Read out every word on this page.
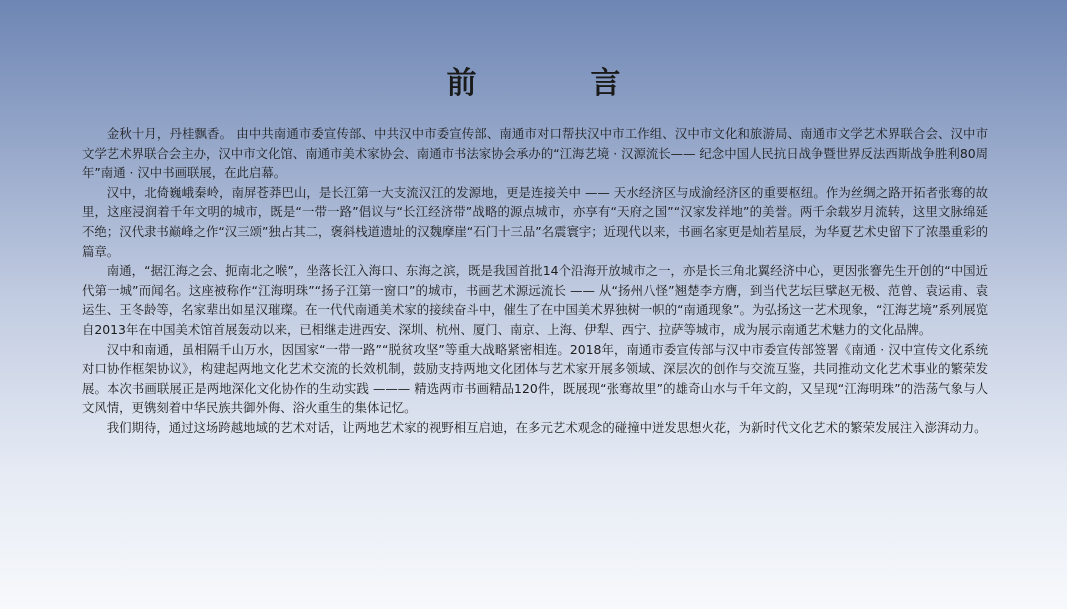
前　言

金秋十月，丹桂飘香。 由中共南通市委宣传部、中共汉中市委宣传部、南通市对口帮扶汉中市工作组、汉中市文化和旅游局、南通市文学艺术界联合会、汉中市文学艺术界联合会主办，汉中市文化馆、南通市美术家协会、南通市书法家协会承办的“江海艺境 · 汉源流长—— 纪念中国人民抗日战争暨世界反法西斯战争胜利80周年”南通 · 汉中书画联展，在此启幕。

汉中，北倚巍峨秦岭，南屏苍莽巴山，是长江第一大支流汉江的发源地，更是连接关中 —— 天水经济区与成渝经济区的重要枢纽。作为丝绸之路开拓者张骞的故里，这座浸润着千年文明的城市，既是“一带一路”倡议与“长江经济带”战略的源点城市，亦享有“天府之国”“汉家发祥地”的美誉。两千余载岁月流转，这里文脉绵延不绝；汉代隶书巅峰之作“汉三颂”独占其二，褒斜栈道遗址的汉魏摩崖“石门十三品”名震寰宇；近现代以来，书画名家更是灿若星辰，为华夏艺术史留下了浓墨重彩的篇章。

南通，“据江海之会、扼南北之喉”，坐落长江入海口、东海之滨，既是我国首批14个沿海开放城市之一，亦是长三角北翼经济中心，更因张謇先生开创的“中国近代第一城”而闻名。这座被称作“江海明珠”“扬子江第一窗口”的城市，书画艺术源远流长 —— 从“扬州八怪”翘楚李方膺，到当代艺坛巨擘赵无极、范曾、袁运甫、袁运生、王冬龄等，名家辈出如星汉璀璨。在一代代南通美术家的接续奋斗中，催生了在中国美术界独树一帜的“南通现象”。为弘扬这一艺术现象，“江海艺境”系列展览自2013年在中国美术馆首展轰动以来，已相继走进西安、深圳、杭州、厦门、南京、上海、伊犁、西宁、拉萨等城市，成为展示南通艺术魅力的文化品牌。

汉中和南通，虽相隔千山万水，因国家“一带一路”“脱贫攻坚”等重大战略紧密相连。2018年，南通市委宣传部与汉中市委宣传部签署《南通 · 汉中宣传文化系统对口协作框架协议》，构建起两地文化艺术交流的长效机制，鼓励支持两地文化团体与艺术家开展多领域、深层次的创作与交流互鉴，共同推动文化艺术事业的繁荣发展。本次书画联展正是两地深化文化协作的生动实践 ——— 精选两市书画精品120件，既展现“张骞故里”的雄奇山水与千年文韵，又呈现“江海明珠”的浩荡气象与人文风情，更镌刻着中华民族共御外侮、浴火重生的集体记忆。

我们期待，通过这场跨越地域的艺术对话，让两地艺术家的视野相互启迪，在多元艺术观念的碰撞中迸发思想火花，为新时代文化艺术的繁荣发展注入澎湃动力。
